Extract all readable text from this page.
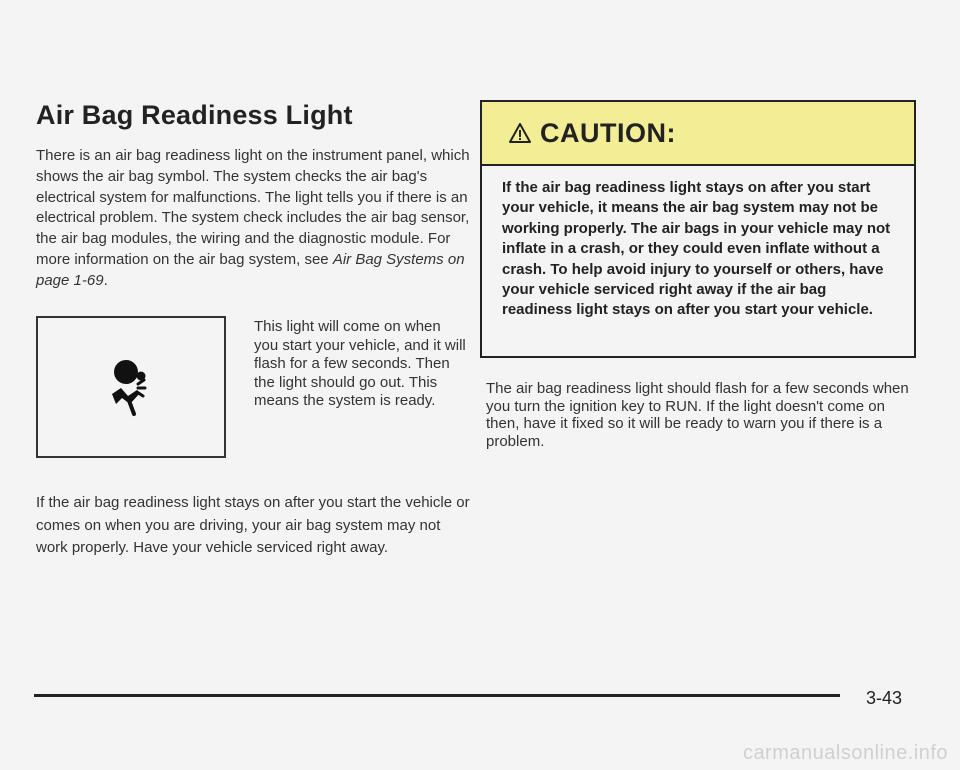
Air Bag Readiness Light
There is an air bag readiness light on the instrument panel, which shows the air bag symbol. The system checks the air bag's electrical system for malfunctions. The light tells you if there is an electrical problem. The system check includes the air bag sensor, the air bag modules, the wiring and the diagnostic module. For more information on the air bag system, see Air Bag Systems on page 1-69.
This light will come on when you start your vehicle, and it will flash for a few seconds. Then the light should go out. This means the system is ready.
If the air bag readiness light stays on after you start the vehicle or comes on when you are driving, your air bag system may not work properly. Have your vehicle serviced right away.
CAUTION:
If the air bag readiness light stays on after you start your vehicle, it means the air bag system may not be working properly. The air bags in your vehicle may not inflate in a crash, or they could even inflate without a crash. To help avoid injury to yourself or others, have your vehicle serviced right away if the air bag readiness light stays on after you start your vehicle.
The air bag readiness light should flash for a few seconds when you turn the ignition key to RUN. If the light doesn't come on then, have it fixed so it will be ready to warn you if there is a problem.
3-43
carmanualsonline.info
